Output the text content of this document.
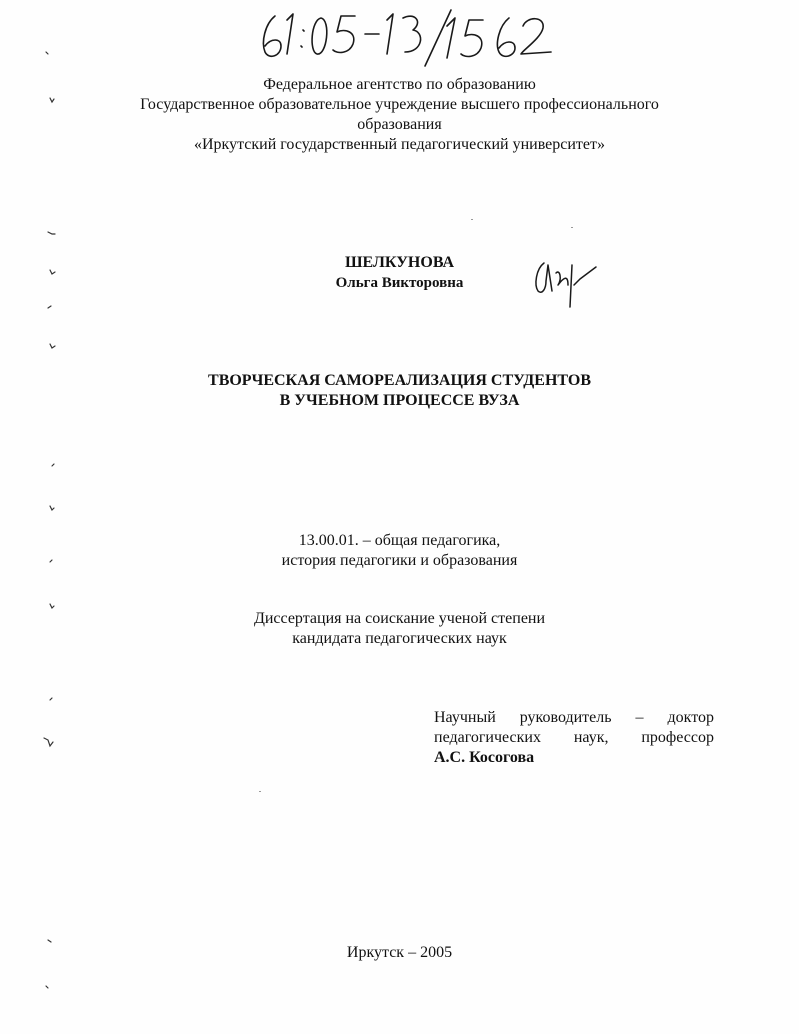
Федеральное агентство по образованию
Государственное образовательное учреждение высшего профессионального
образования
«Иркутский государственный педагогический университет»
ШЕЛКУНОВА
Ольга Викторовна
ТВОРЧЕСКАЯ САМОРЕАЛИЗАЦИЯ СТУДЕНТОВ
В УЧЕБНОМ ПРОЦЕССЕ ВУЗА
13.00.01. – общая педагогика,
история педагогики и образования
Диссертация на соискание ученой степени
кандидата педагогических наук
Научный руководитель – доктор
педагогических наук, профессор
А.С. Косогова
Иркутск – 2005
